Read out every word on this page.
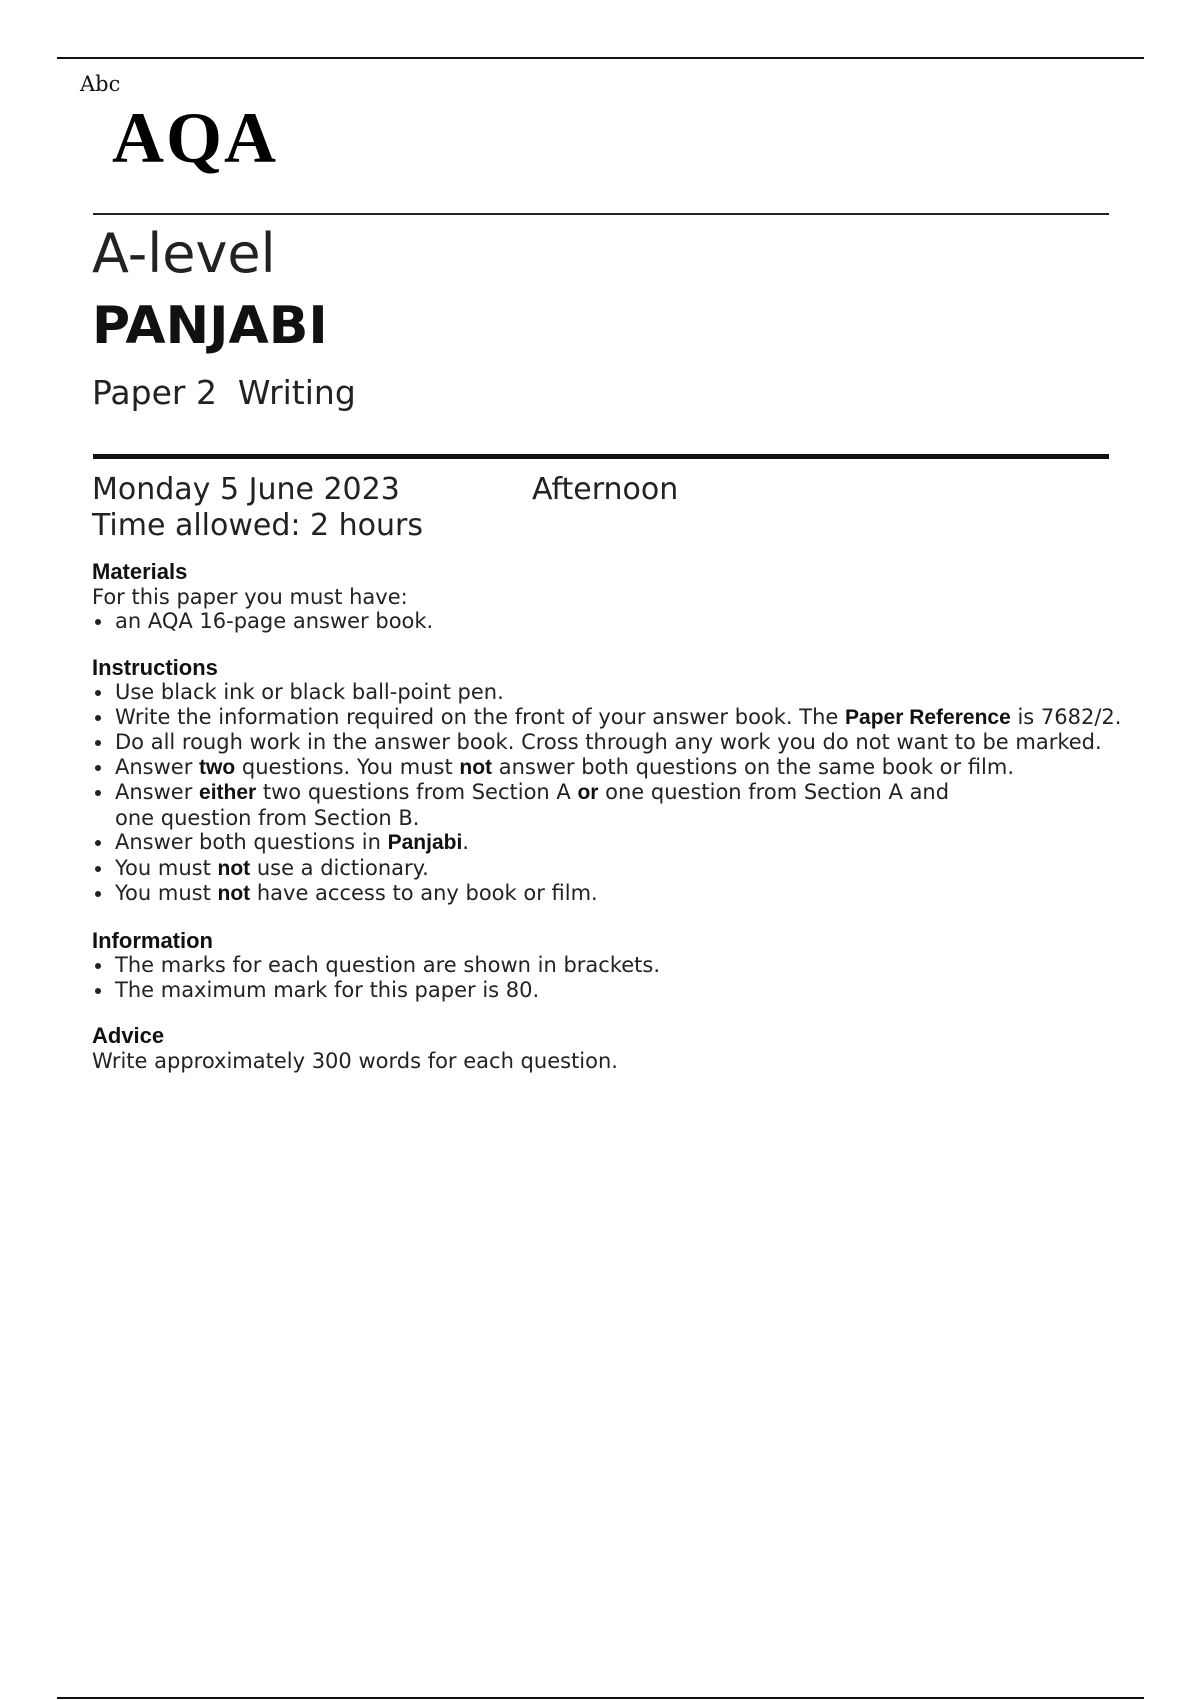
Abc
AQA
A-level
PANJABI
Paper 2  Writing
Monday 5 June 2023	AfternoonTime allowed: 2 hours

Materials

For this paper you must have:

an AQA 16-page answer book.

Instructions

Use black ink or black ball-point pen.
Write the information required on the front of your answer book. The Paper Reference is 7682/2.
Do all rough work in the answer book. Cross through any work you do not want to be marked.
Answer two questions. You must not answer both questions on the same book or film.
Answer either two questions from Section A or one question from Section A and
one question from Section B.
Answer both questions in Panjabi.
You must not use a dictionary.
You must not have access to any book or film.

Information

The marks for each question are shown in brackets.
The maximum mark for this paper is 80.

Advice

Write approximately 300 words for each question.
